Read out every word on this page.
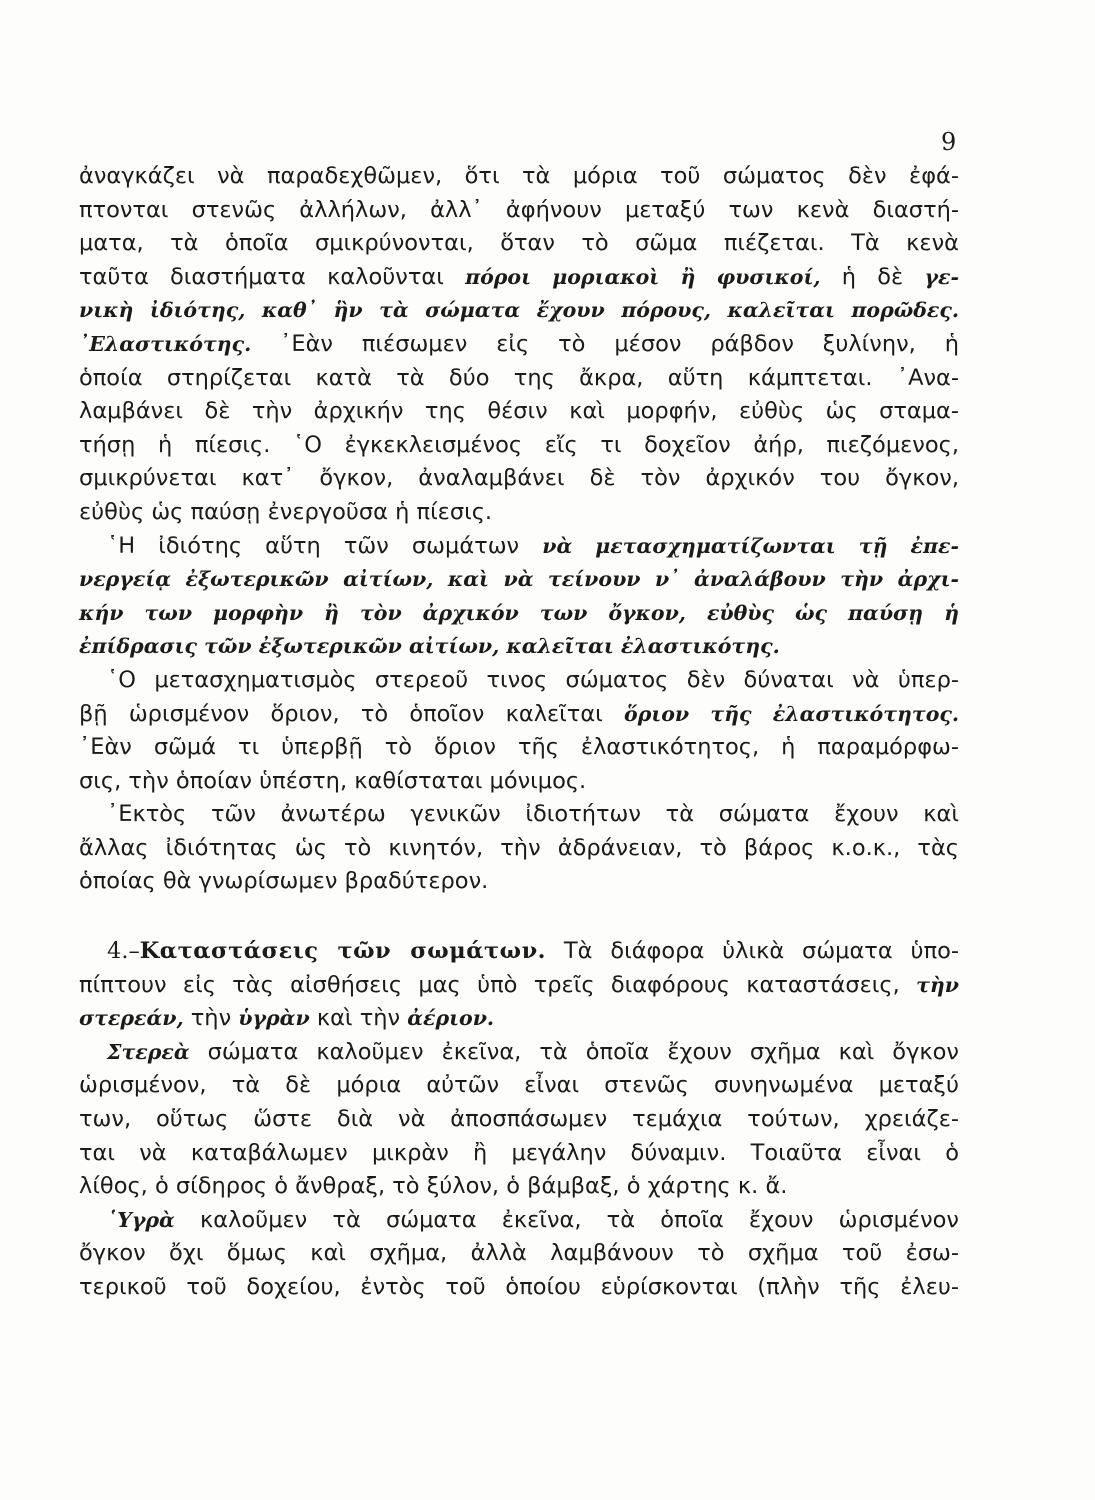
9
ἀναγκάζει νὰ παραδεχθῶμεν, ὅτι τὰ μόρια τοῦ σώματος δὲν ἐφά-
πτονται στενῶς ἀλλήλων, ἀλλ᾽ ἀφήνουν μεταξύ των κενὰ διαστή-
ματα, τὰ ὁποῖα σμικρύνονται, ὅταν τὸ σῶμα πιέζεται. Τὰ κενὰ
ταῦτα διαστήματα καλοῦνται πόροι μοριακοὶ ἢ φυσικοί, ἡ δὲ γε-
νικὴ ἰδιότης, καθ᾽ ἣν τὰ σώματα ἔχουν πόρους, καλεῖται πορῶδες.
᾽Ελαστικότης. ᾽Εὰν πιέσωμεν εἰς τὸ μέσον ράβδον ξυλίνην, ἡ
ὁποία στηρίζεται κατὰ τὰ δύο της ἄκρα, αὕτη κάμπτεται. ᾽Ανα-
λαμβάνει δὲ τὴν ἀρχικήν της θέσιν καὶ μορφήν, εὐθὺς ὡς σταμα-
τήσῃ ἡ πίεσις. ῾Ο ἐγκεκλεισμένος εἴς τι δοχεῖον ἀήρ, πιεζόμενος,
σμικρύνεται κατ᾽ ὄγκον, ἀναλαμβάνει δὲ τὸν ἀρχικόν του ὄγκον,
εὐθὺς ὡς παύσῃ ἐνεργοῦσα ἡ πίεσις.
῾Η ἰδιότης αὕτη τῶν σωμάτων νὰ μετασχηματίζωνται τῇ ἐπε-
νεργείᾳ ἐξωτερικῶν αἰτίων, καὶ νὰ τείνουν ν᾽ ἀναλάβουν τὴν ἀρχι-
κήν των μορφὴν ἢ τὸν ἀρχικόν των ὄγκον, εὐθὺς ὡς παύσῃ ἡ
ἐπίδρασις τῶν ἐξωτερικῶν αἰτίων, καλεῖται ἐλαστικότης.
῾Ο μετασχηματισμὸς στερεοῦ τινος σώματος δὲν δύναται νὰ ὑπερ-
βῇ ὡρισμένον ὅριον, τὸ ὁποῖον καλεῖται ὅριον τῆς ἐλαστικότητος.
᾽Εὰν σῶμά τι ὑπερβῇ τὸ ὅριον τῆς ἐλαστικότητος, ἡ παραμόρφω-
σις, τὴν ὁποίαν ὑπέστη, καθίσταται μόνιμος.
᾽Εκτὸς τῶν ἀνωτέρω γενικῶν ἰδιοτήτων τὰ σώματα ἔχουν καὶ
ἄλλας ἰδιότητας ὡς τὸ κινητόν, τὴν ἀδράνειαν, τὸ βάρος κ.ο.κ., τὰς
ὁποίας θὰ γνωρίσωμεν βραδύτερον.
4.–Καταστάσεις τῶν σωμάτων. Τὰ διάφορα ὑλικὰ σώματα ὑπο-
πίπτουν εἰς τὰς αἰσθήσεις μας ὑπὸ τρεῖς διαφόρους καταστάσεις, τὴν
στερεάν, τὴν ὑγρὰν καὶ τὴν ἀέριον.
Στερεὰ σώματα καλοῦμεν ἐκεῖνα, τὰ ὁποῖα ἔχουν σχῆμα καὶ ὄγκον
ὡρισμένον, τὰ δὲ μόρια αὐτῶν εἶναι στενῶς συνηνωμένα μεταξύ
των, οὕτως ὥστε διὰ νὰ ἀποσπάσωμεν τεμάχια τούτων, χρειάζε-
ται νὰ καταβάλωμεν μικρὰν ἢ μεγάλην δύναμιν. Τοιαῦτα εἶναι ὁ
λίθος, ὁ σίδηρος ὁ ἄνθραξ, τὸ ξύλον, ὁ βάμβαξ, ὁ χάρτης κ. ἄ.
῾Υγρὰ καλοῦμεν τὰ σώματα ἐκεῖνα, τὰ ὁποῖα ἔχουν ὡρισμένον
ὄγκον ὄχι ὅμως καὶ σχῆμα, ἀλλὰ λαμβάνουν τὸ σχῆμα τοῦ ἐσω-
τερικοῦ τοῦ δοχείου, ἐντὸς τοῦ ὁποίου εὑρίσκονται (πλὴν τῆς ἐλευ-
